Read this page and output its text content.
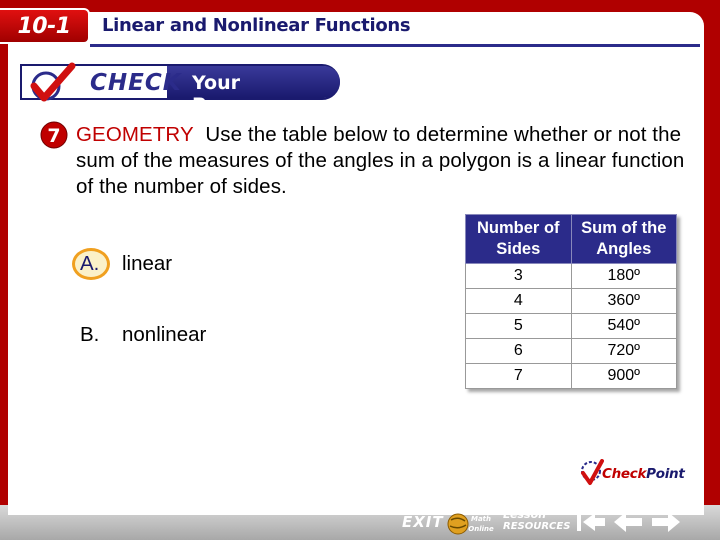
10-1 Linear and Nonlinear Functions
CHECK Your Progress
7 GEOMETRY Use the table below to determine whether or not the sum of the measures of the angles in a polygon is a linear function of the number of sides.
A. linear
B. nonlinear
Number of Sides	Sum of the Angles
3	180º
4	360º
5	540º
6	720º
7	900º
CheckPoint
EXIT	Math
Online
Lesson
RESOURCES
